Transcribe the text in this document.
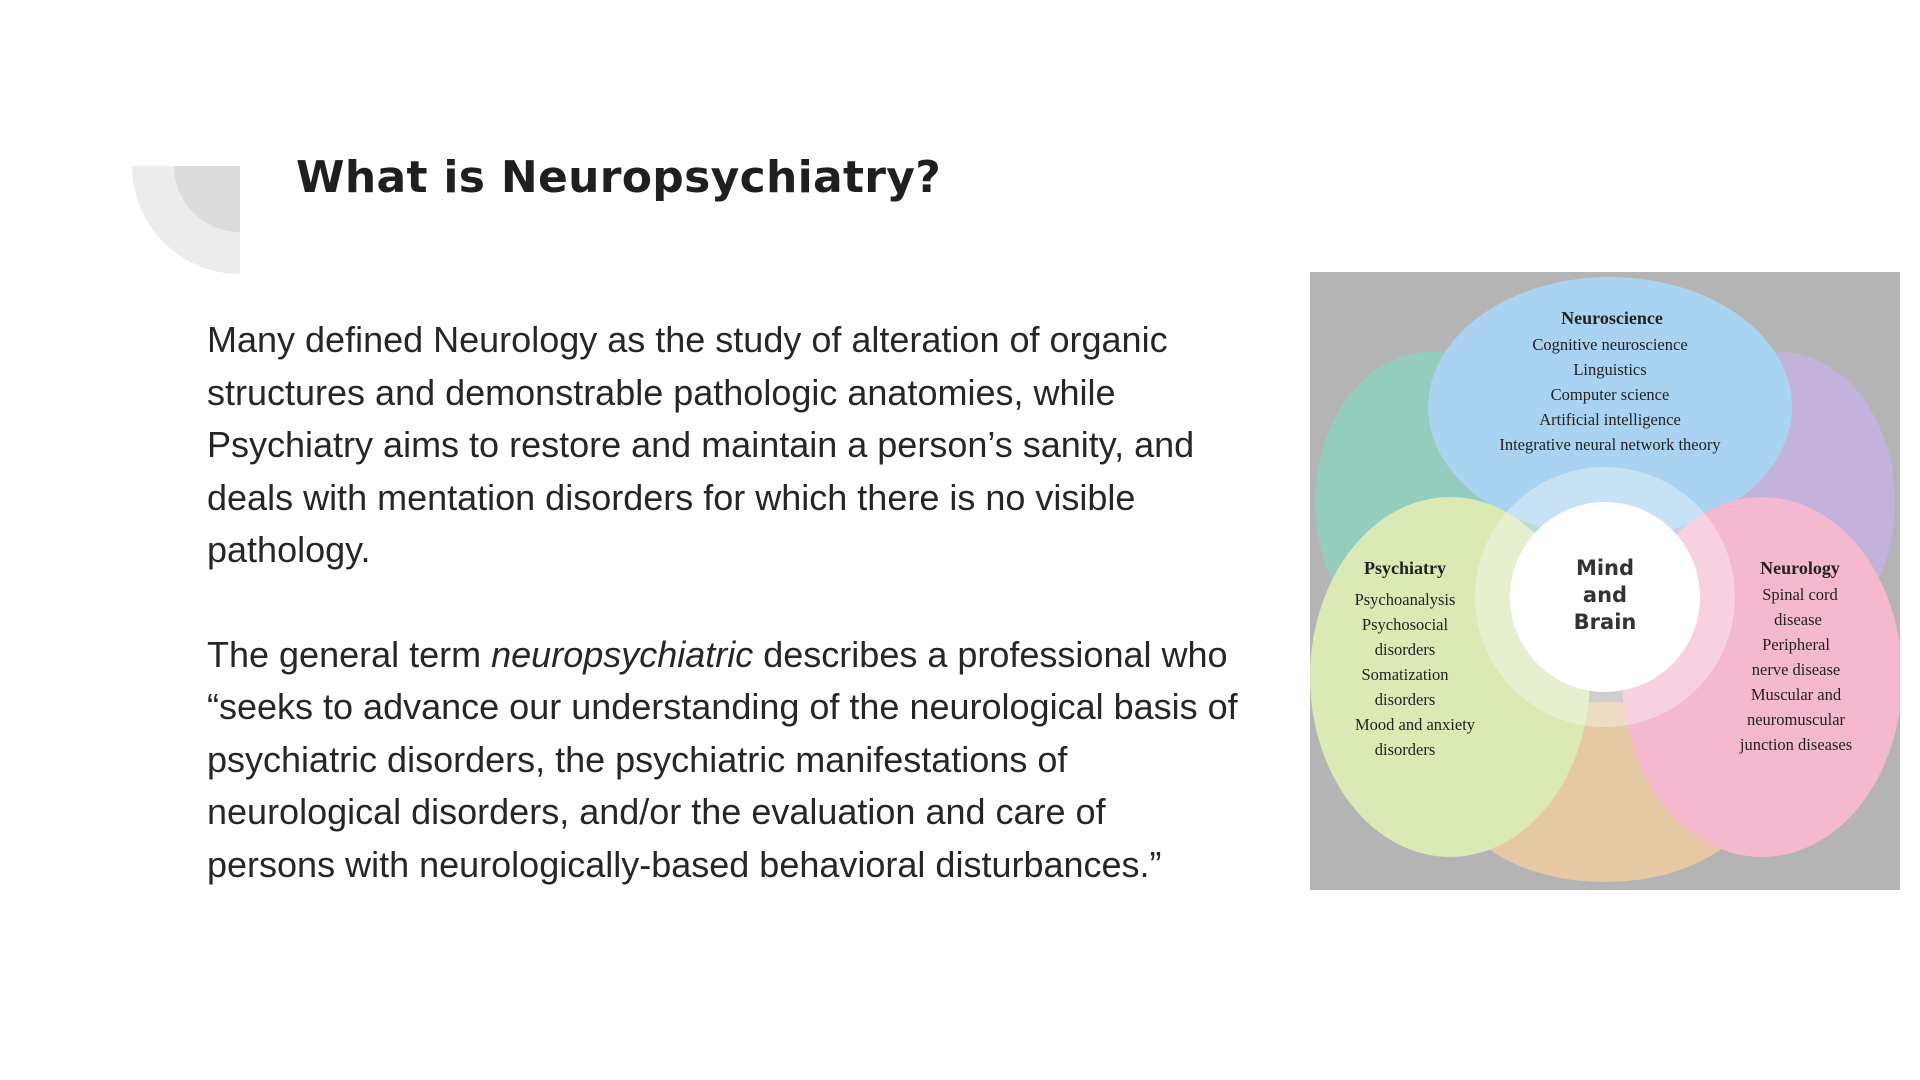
What is Neuropsychiatry?
Many defined Neurology as the study of alteration of organic
structures and demonstrable pathologic anatomies, while
Psychiatry aims to restore and maintain a person’s sanity, and
deals with mentation disorders for which there is no visible
pathology.
The general term neuropsychiatric describes a professional who
“seeks to advance our understanding of the neurological basis of
psychiatric disorders, the psychiatric manifestations of
neurological disorders, and/or the evaluation and care of
persons with neurologically-based behavioral disturbances.”
Mind
and
Brain
Neuroscience
Cognitive neuroscience
Linguistics
Computer science
Artificial intelligence
Integrative neural network theory
Psychiatry
Psychoanalysis
Psychosocial
disorders
Somatization
disorders
Mood and anxiety
disorders
Neurology
Spinal cord
disease
Peripheral
nerve disease
Muscular and
neuromuscular
junction diseases
